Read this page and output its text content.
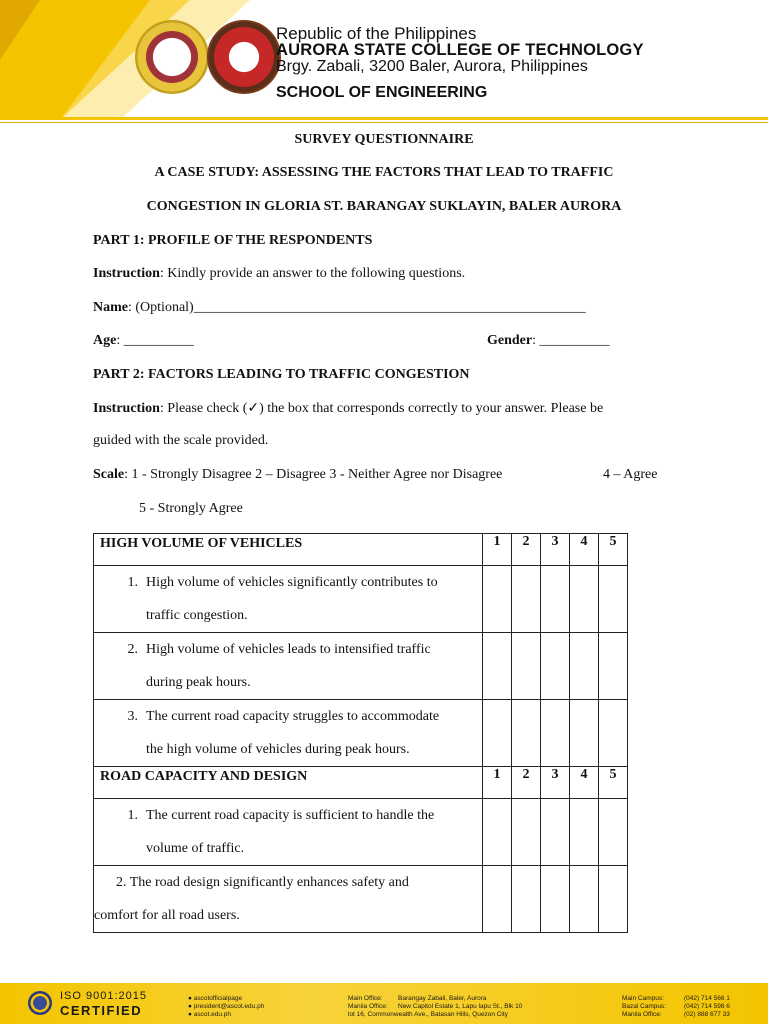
Republic of the Philippines
AURORA STATE COLLEGE OF TECHNOLOGY
Brgy. Zabali, 3200 Baler, Aurora, Philippines
SCHOOL OF ENGINEERING
SURVEY QUESTIONNAIRE
A CASE STUDY: ASSESSING THE FACTORS THAT LEAD TO TRAFFIC
CONGESTION IN GLORIA ST. BARANGAY SUKLAYIN, BALER AURORA
PART 1: PROFILE OF THE RESPONDENTS
Instruction: Kindly provide an answer to the following questions.
Name: (Optional)________________________________________________________
Age: __________	Gender: __________
PART 2: FACTORS LEADING TO TRAFFIC CONGESTION
Instruction: Please check (✓) the box that corresponds correctly to your answer. Please be
guided with the scale provided.
Scale: 1 - Strongly Disagree 2 – Disagree 3 - Neither Agree nor Disagree	4 – Agree
5 - Strongly Agree
HIGH VOLUME OF VEHICLES	1	2	3	4	5
1. High volume of vehicles significantly contributes to
traffic congestion.					

2. High volume of vehicles leads to intensified traffic
during peak hours.					

3. The current road capacity struggles to accommodate
the high volume of vehicles during peak hours.					

ROAD CAPACITY AND DESIGN	1	2	3	4	5
1. The current road capacity is sufficient to handle the
volume of traffic.					

2. The road design significantly enhances safety and
comfort for all road users.					

ISO 9001:2015
CERTIFIED
● ascotofficialpage
● president@ascot.edu.ph
● ascot.edu.ph
Main Office: Barangay Zabali, Baler, Aurora
Manila Office: New Capitol Estate 1, Lapu lapu St., Blk 10
lot 16, Commonwealth Ave., Batasan Hills, Quezon City
Main Campus:	(042) 714 566 1
Bazal Campus:	(042) 714 598 6
Manila Office:	(02) 888 677 33
